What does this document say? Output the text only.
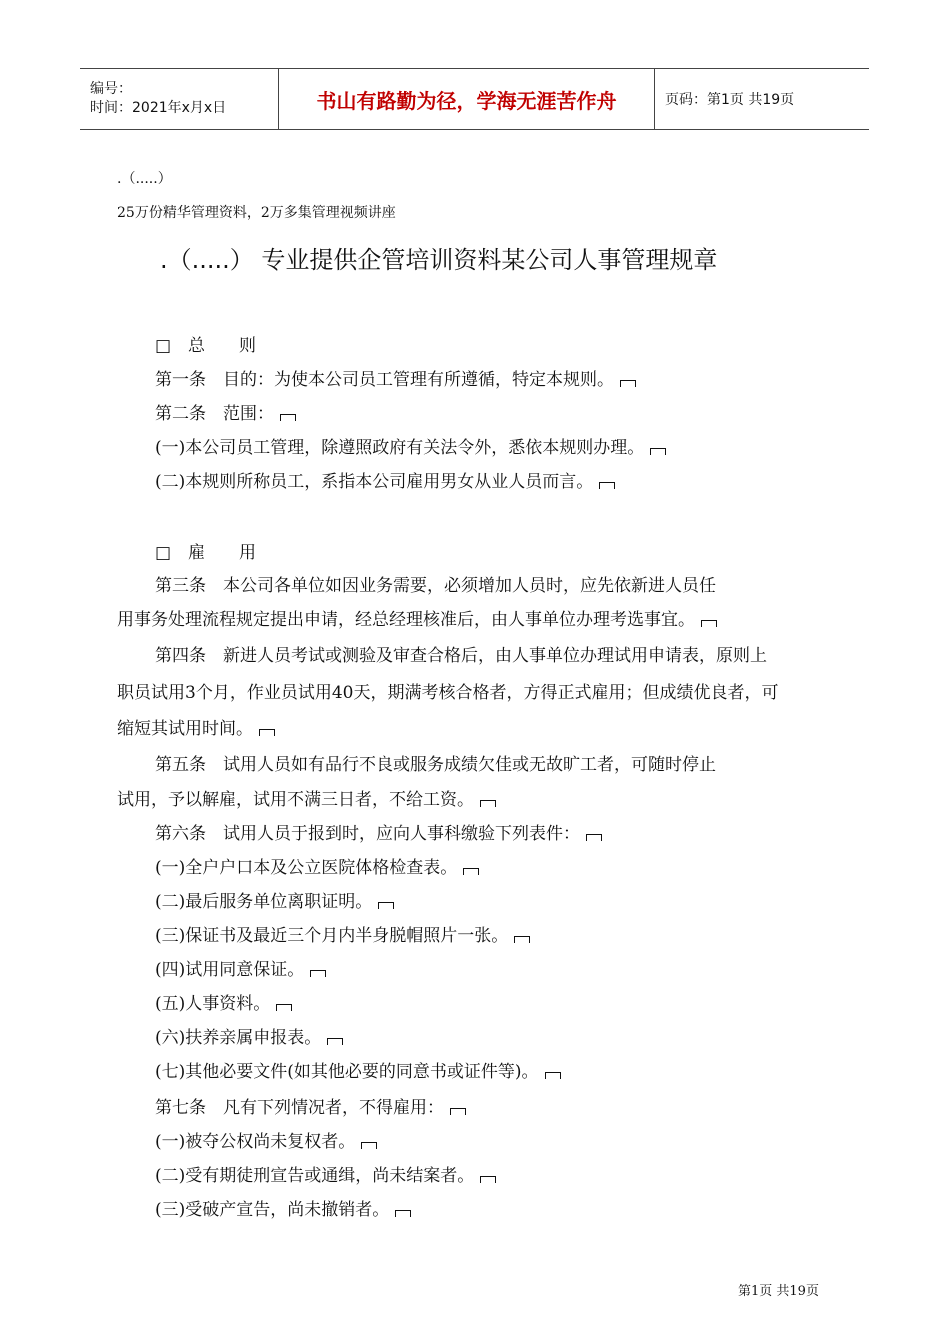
编号：
时间：2021年x月x日	书山有路勤为径，学海无涯苦作舟	页码：第1页 共19页
.（.....）
25万份精华管理资料，2万多集管理视频讲座
.（.....） 专业提供企管培训资料某公司人事管理规章
□　总　　则
第一条　目的：为使本公司员工管理有所遵循，特定本规则。
第二条　范围：
(一)本公司员工管理，除遵照政府有关法令外，悉依本规则办理。
(二)本规则所称员工，系指本公司雇用男女从业人员而言。
□　雇　　用
第三条　本公司各单位如因业务需要，必须增加人员时，应先依新进人员任
用事务处理流程规定提出申请，经总经理核准后，由人事单位办理考选事宜。
第四条　新进人员考试或测验及审查合格后，由人事单位办理试用申请表，原则上
职员试用3个月，作业员试用40天，期满考核合格者，方得正式雇用；但成绩优良者，可
缩短其试用时间。
第五条　试用人员如有品行不良或服务成绩欠佳或无故旷工者，可随时停止
试用，予以解雇，试用不满三日者，不给工资。
第六条　试用人员于报到时，应向人事科缴验下列表件：
(一)全户户口本及公立医院体格检查表。
(二)最后服务单位离职证明。
(三)保证书及最近三个月内半身脱帽照片一张。
(四)试用同意保证。
(五)人事资料。
(六)扶养亲属申报表。
(七)其他必要文件(如其他必要的同意书或证件等)。
第七条　凡有下列情况者，不得雇用：
(一)被夺公权尚未复权者。
(二)受有期徒刑宣告或通缉，尚未结案者。
(三)受破产宣告，尚未撤销者。
第1页 共19页
